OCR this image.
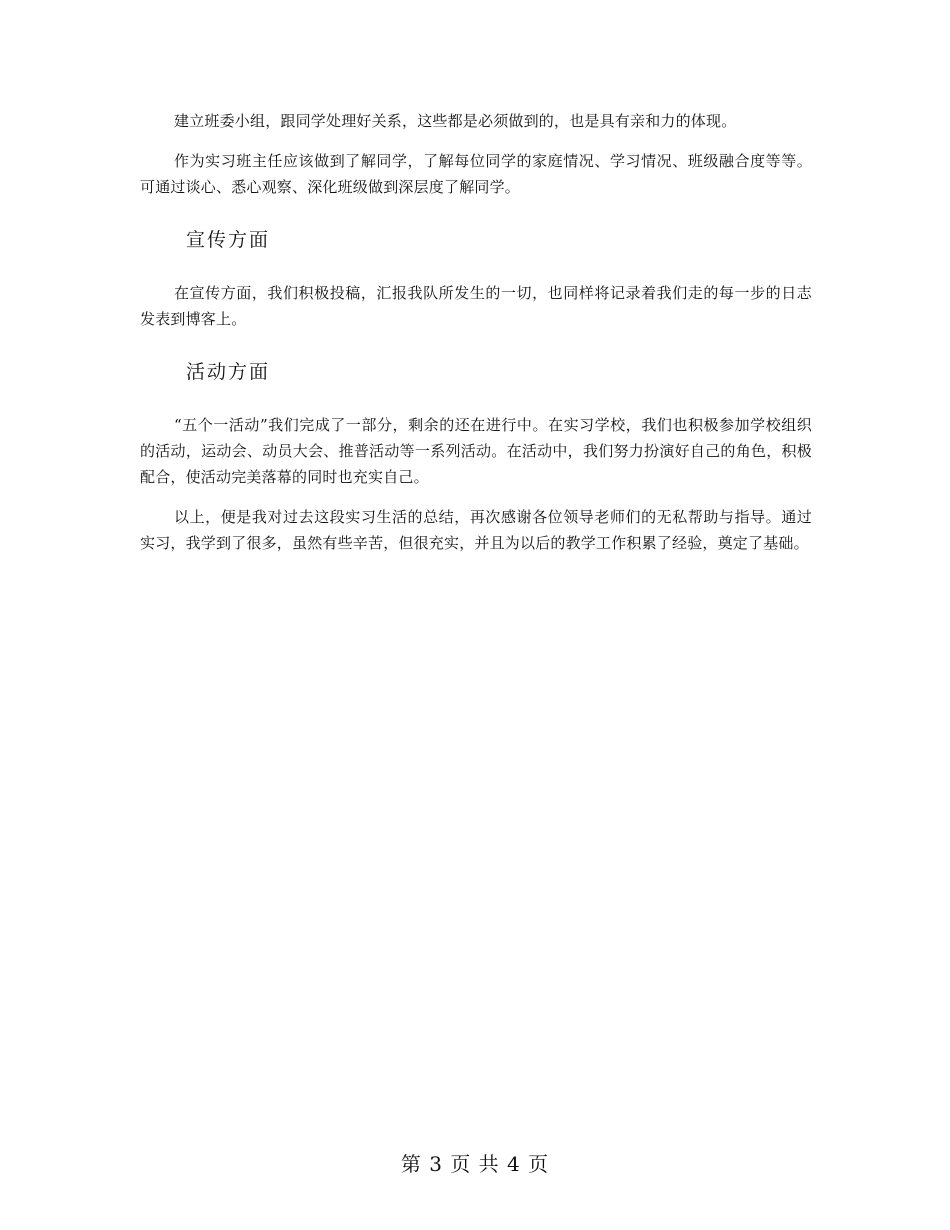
建立班委小组，跟同学处理好关系，这些都是必须做到的，也是具有亲和力的体现。

作为实习班主任应该做到了解同学，了解每位同学的家庭情况、学习情况、班级融合度等等。可通过谈心、悉心观察、深化班级做到深层度了解同学。

宣传方面

在宣传方面，我们积极投稿，汇报我队所发生的一切，也同样将记录着我们走的每一步的日志发表到博客上。

活动方面

“五个一活动”我们完成了一部分，剩余的还在进行中。在实习学校，我们也积极参加学校组织的活动，运动会、动员大会、推普活动等一系列活动。在活动中，我们努力扮演好自己的角色，积极配合，使活动完美落幕的同时也充实自己。

以上，便是我对过去这段实习生活的总结，再次感谢各位领导老师们的无私帮助与指导。通过实习，我学到了很多，虽然有些辛苦，但很充实，并且为以后的教学工作积累了经验，奠定了基础。

第 3 页 共 4 页
